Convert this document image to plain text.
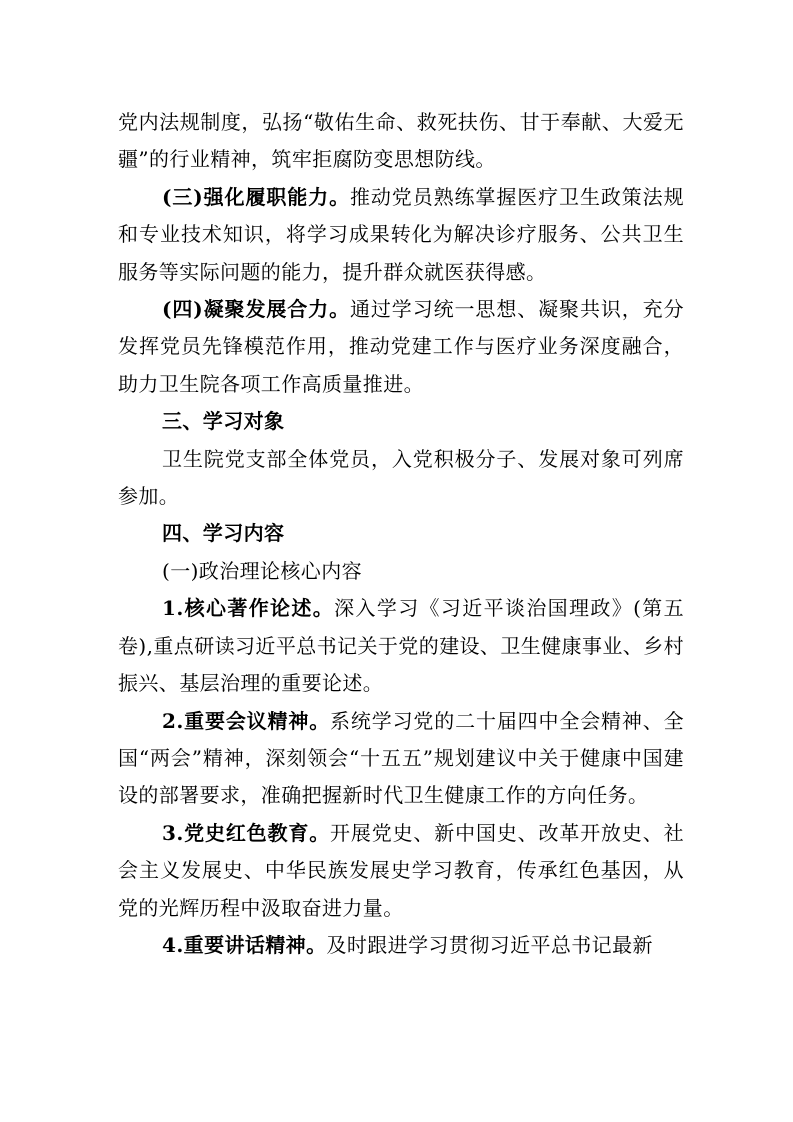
党内法规制度，弘扬“敬佑生命、救死扶伤、甘于奉献、大爱无疆”的行业精神，筑牢拒腐防变思想防线。

(三)强化履职能力。推动党员熟练掌握医疗卫生政策法规和专业技术知识，将学习成果转化为解决诊疗服务、公共卫生服务等实际问题的能力，提升群众就医获得感。

(四)凝聚发展合力。通过学习统一思想、凝聚共识，充分发挥党员先锋模范作用，推动党建工作与医疗业务深度融合，助力卫生院各项工作高质量推进。

三、学习对象

卫生院党支部全体党员，入党积极分子、发展对象可列席参加。

四、学习内容

(一)政治理论核心内容

1.核心著作论述。深入学习《习近平谈治国理政》(第五卷),重点研读习近平总书记关于党的建设、卫生健康事业、乡村振兴、基层治理的重要论述。

2.重要会议精神。系统学习党的二十届四中全会精神、全国“两会”精神，深刻领会“十五五”规划建议中关于健康中国建设的部署要求，准确把握新时代卫生健康工作的方向任务。

3.党史红色教育。开展党史、新中国史、改革开放史、社会主义发展史、中华民族发展史学习教育，传承红色基因，从党的光辉历程中汲取奋进力量。

4.重要讲话精神。及时跟进学习贯彻习近平总书记最新
